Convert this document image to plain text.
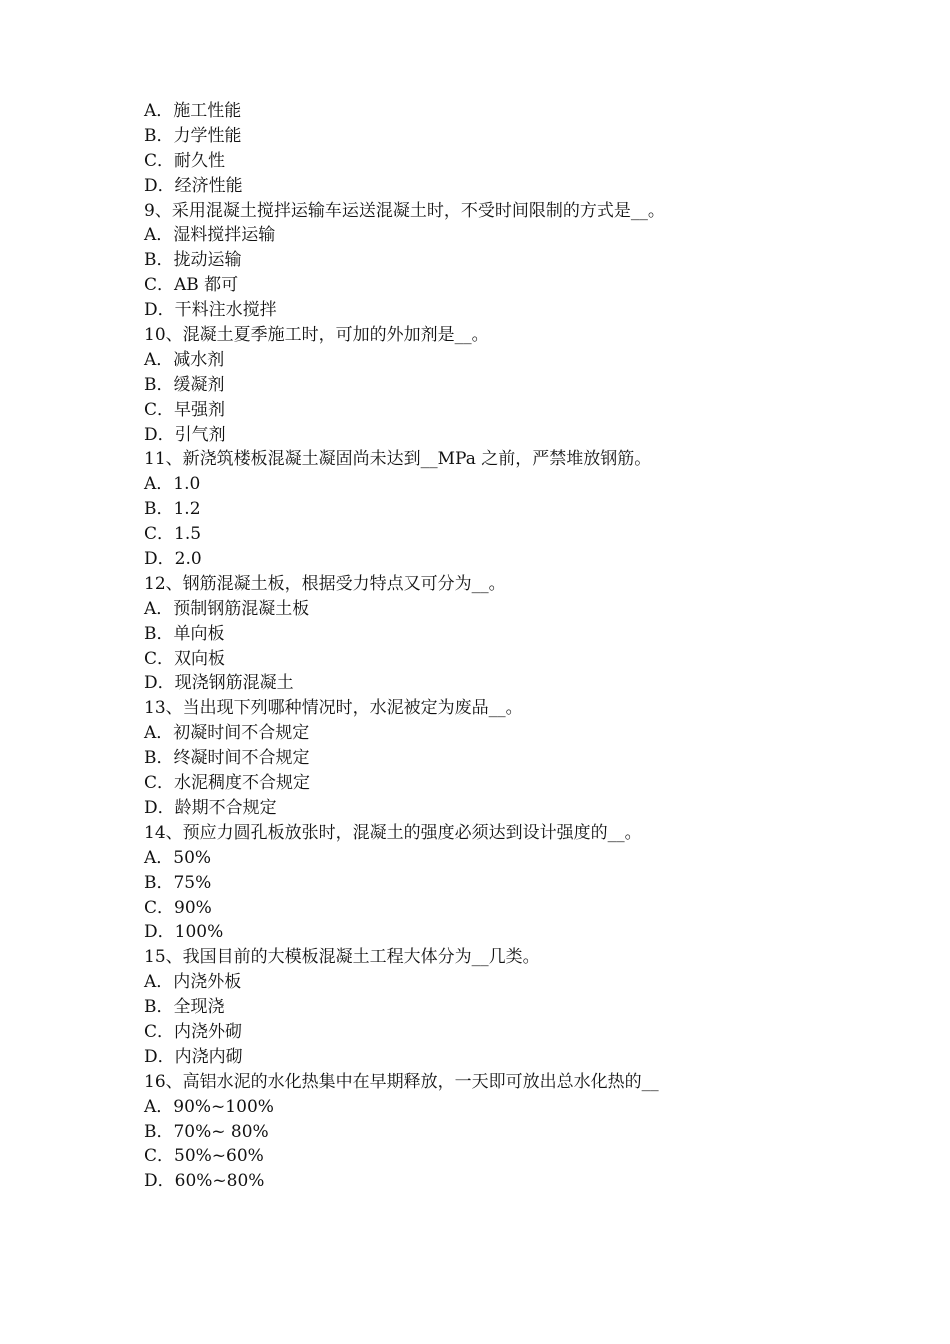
A．施工性能
B．力学性能
C．耐久性
D．经济性能
9、采用混凝土搅拌运输车运送混凝土时，不受时间限制的方式是__。
A．湿料搅拌运输
B．拢动运输
C．AB 都可
D．干料注水搅拌
10、混凝土夏季施工时，可加的外加剂是__。
A．减水剂
B．缓凝剂
C．早强剂
D．引气剂
11、新浇筑楼板混凝土凝固尚未达到__MPa 之前，严禁堆放钢筋。
A．1.0
B．1.2
C．1.5
D．2.0
12、钢筋混凝土板，根据受力特点又可分为__。
A．预制钢筋混凝土板
B．单向板
C．双向板
D．现浇钢筋混凝土
13、当出现下列哪种情况时，水泥被定为废品__。
A．初凝时间不合规定
B．终凝时间不合规定
C．水泥稠度不合规定
D．龄期不合规定
14、预应力圆孔板放张时，混凝土的强度必须达到设计强度的__。
A．50%
B．75%
C．90%
D．100%
15、我国目前的大模板混凝土工程大体分为__几类。
A．内浇外板
B．全现浇
C．内浇外砌
D．内浇内砌
16、高铝水泥的水化热集中在早期释放，一天即可放出总水化热的__
A．90%~100%
B．70%~ 80%
C．50%~60%
D．60%~80%
